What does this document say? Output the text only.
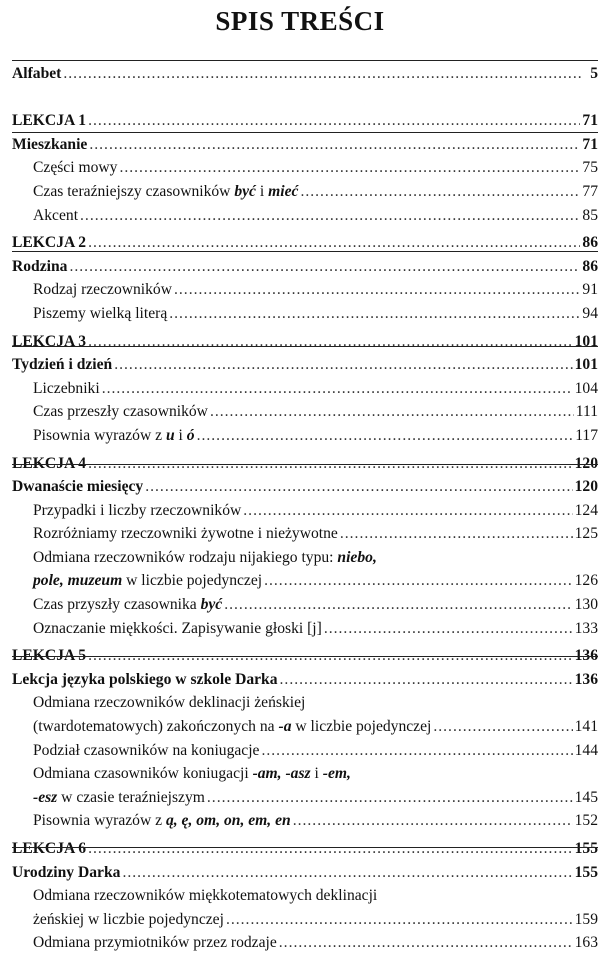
SPIS TREŚCI
Alfabet .....	5
LEKCJA 1 .....	71
Mieszkanie .....	71
Części mowy .....	75
Czas teraźniejszy czasowników być i mieć .....	77
Akcent .....	85
LEKCJA 2 .....	86
Rodzina .....	86
Rodzaj rzeczowników .....	91
Piszemy wielką literą .....	94
LEKCJA 3 .....	101
Tydzień i dzień .....	101
Liczebniki .....	104
Czas przeszły czasowników .....	111
Pisownia wyrazów z u i ó .....	117
LEKCJA 4 .....	120
Dwanaście miesięcy .....	120
Przypadki i liczby rzeczowników .....	124
Rozróżniamy rzeczowniki żywotne i nieżywotne .....	125
Odmiana rzeczowników rodzaju nijakiego typu: niebo,
pole, muzeum w liczbie pojedynczej .....	126
Czas przyszły czasownika być .....	130
Oznaczanie miękkości. Zapisywanie głoski [j] .....	133
LEKCJA 5 .....	136
Lekcja języka polskiego w szkole Darka .....	136
Odmiana rzeczowników deklinacji żeńskiej
(twardotematowych) zakończonych na -a w liczbie pojedynczej .....	141
Podział czasowników na koniugacje .....	144
Odmiana czasowników koniugacji -am, -asz i -em,
-esz w czasie teraźniejszym .....	145
Pisownia wyrazów z ą, ę, om, on, em, en .....	152
LEKCJA 6 .....	155
Urodziny Darka .....	155
Odmiana rzeczowników miękkotematowych deklinacji
żeńskiej w liczbie pojedynczej .....	159
Odmiana przymiotników przez rodzaje .....	163
